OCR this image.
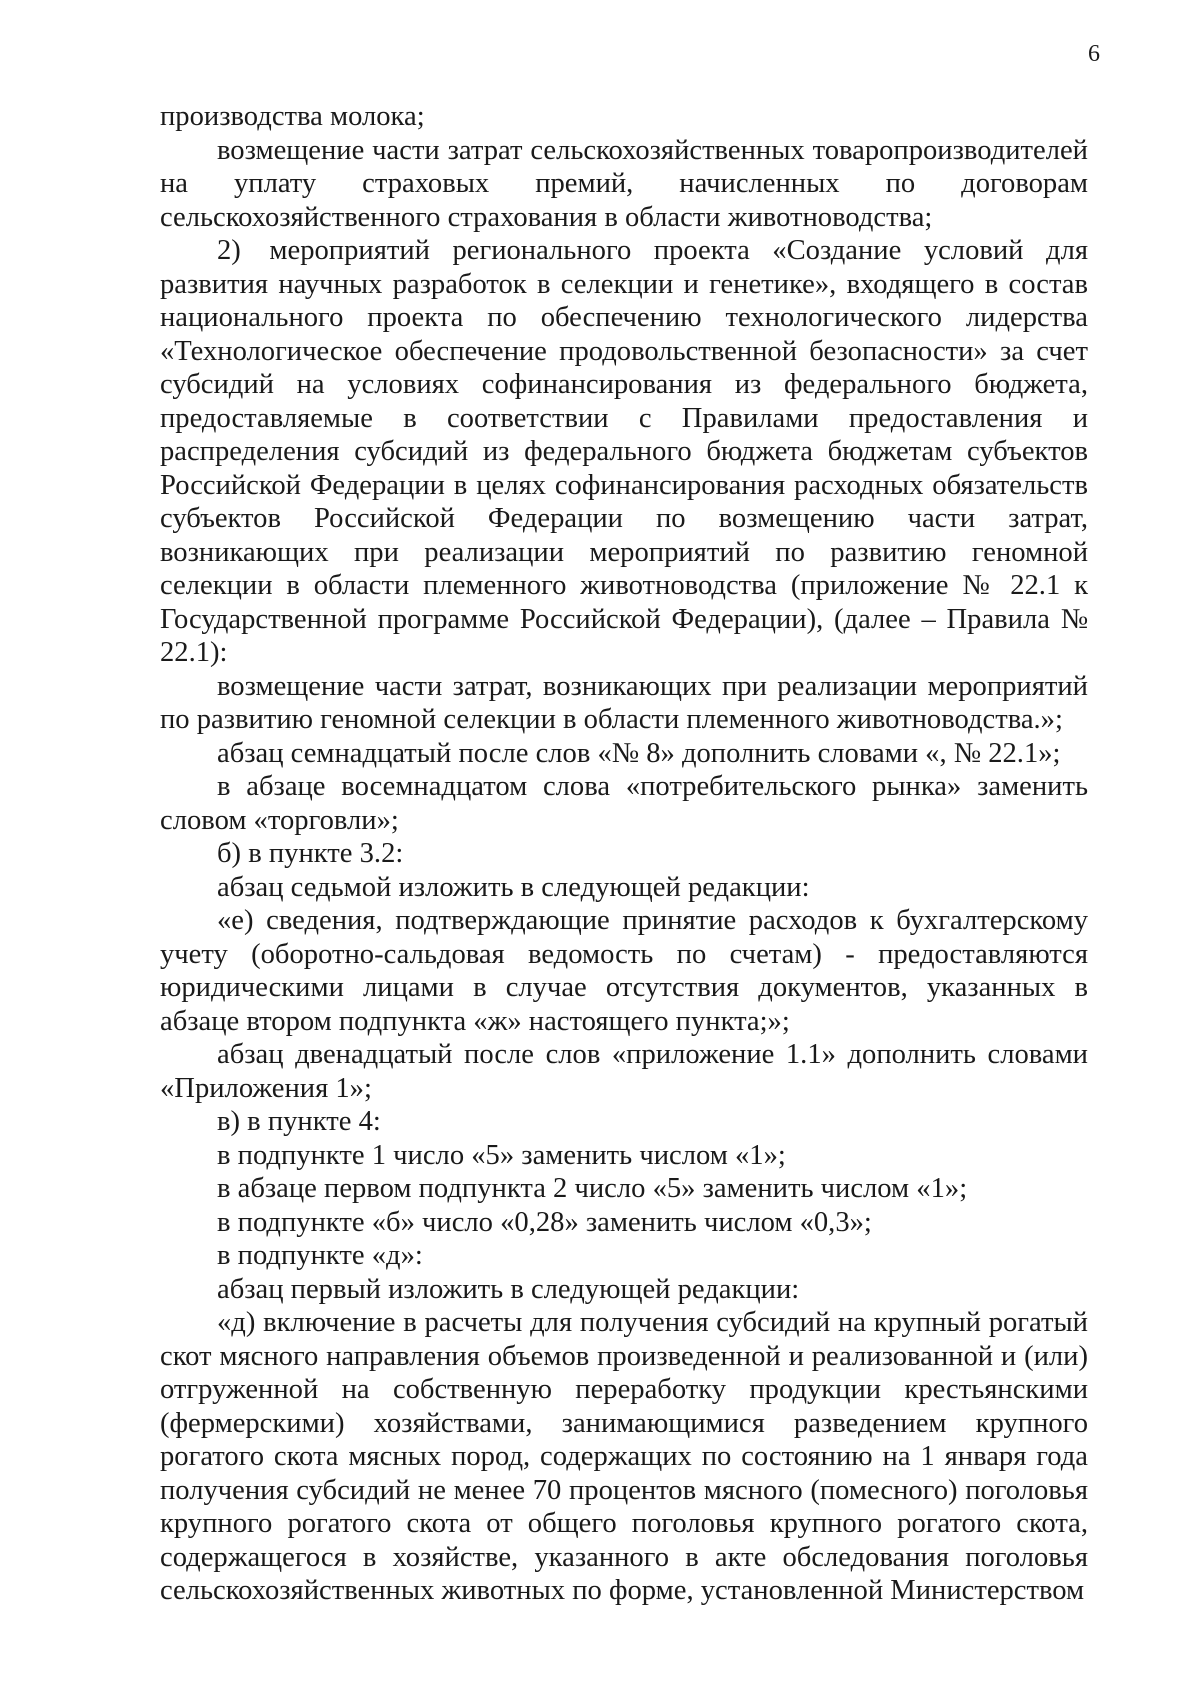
6

производства молока;

возмещение части затрат сельскохозяйственных товаропроизводителей на уплату страховых премий, начисленных по договорам сельскохозяйственного страхования в области животноводства;

2)  мероприятий регионального проекта «Создание условий для развития научных разработок в селекции и генетике», входящего в состав национального проекта по обеспечению технологического лидерства «Технологическое обеспечение продовольственной безопасности» за счет субсидий на условиях софинансирования из федерального бюджета, предоставляемые в соответствии с Правилами предоставления и распределения субсидий из федерального бюджета бюджетам субъектов Российской Федерации в целях софинансирования расходных обязательств субъектов Российской Федерации по возмещению части затрат, возникающих при реализации мероприятий по развитию геномной селекции в области племенного животноводства (приложение № 22.1 к Государственной программе Российской Федерации), (далее – Правила № 22.1):

возмещение части затрат, возникающих при реализации мероприятий по развитию геномной селекции в области племенного животноводства.»;

абзац семнадцатый после слов «№ 8» дополнить словами «, № 22.1»;

в абзаце восемнадцатом слова «потребительского рынка» заменить словом «торговли»;

б) в пункте 3.2:

абзац седьмой изложить в следующей редакции:

«е) сведения, подтверждающие принятие расходов к бухгалтерскому учету (оборотно-сальдовая ведомость по счетам) - предоставляются юридическими лицами в случае отсутствия документов, указанных в абзаце втором подпункта «ж» настоящего пункта;»;

абзац двенадцатый после слов «приложение 1.1» дополнить словами «Приложения 1»;

в) в пункте 4:

в подпункте 1 число «5» заменить числом «1»;

в абзаце первом подпункта 2 число «5» заменить числом «1»;

в подпункте «б» число «0,28» заменить числом «0,3»;

в подпункте «д»:

абзац первый изложить в следующей редакции:

«д) включение в расчеты для получения субсидий на крупный рогатый скот мясного направления объемов произведенной и реализованной и (или) отгруженной на собственную переработку продукции крестьянскими (фермерскими) хозяйствами, занимающимися разведением крупного рогатого скота мясных пород, содержащих по состоянию на 1 января года получения субсидий не менее 70 процентов мясного (помесного) поголовья крупного рогатого скота от общего поголовья крупного рогатого скота, содержащегося в хозяйстве, указанного в акте обследования поголовья сельскохозяйственных животных по форме, установленной Министерством
